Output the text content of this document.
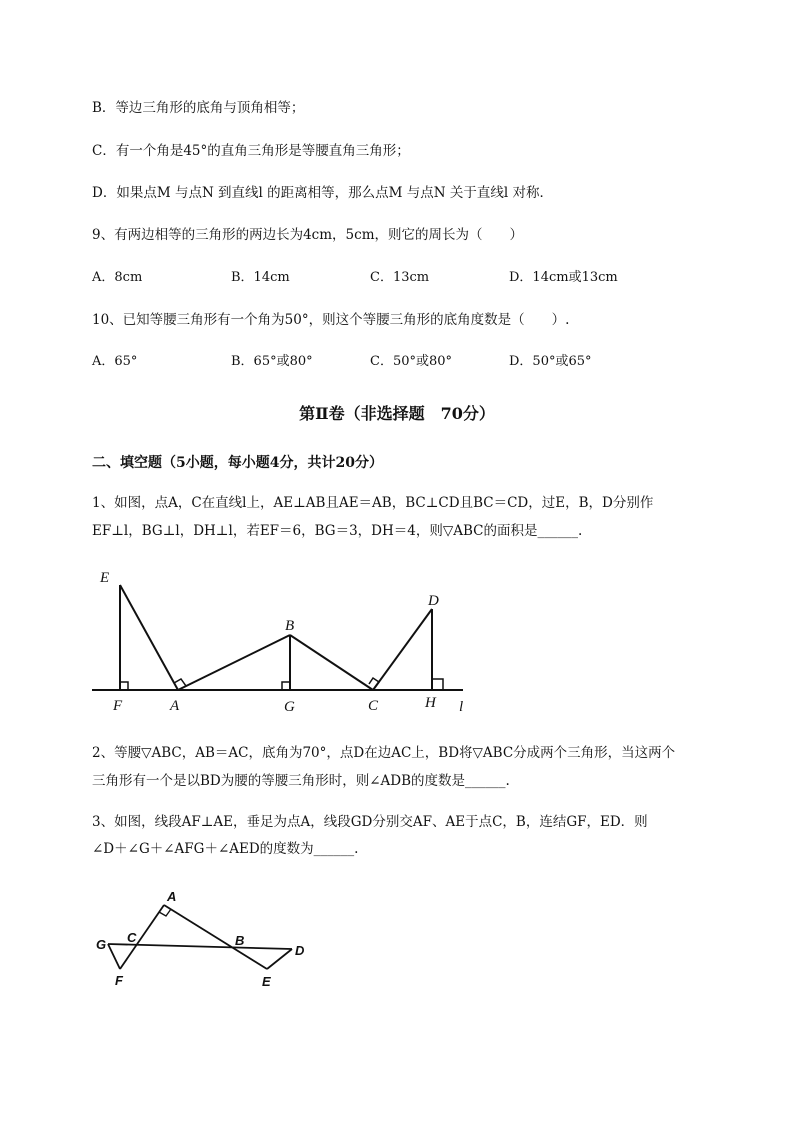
B．等边三角形的底角与顶角相等；
C．有一个角是45°的直角三角形是等腰直角三角形；
D．如果点M 与点N 到直线l 的距离相等，那么点M 与点N 关于直线l 对称．
9、有两边相等的三角形的两边长为4cm，5cm，则它的周长为（　　）
A．8cm	B．14cm	C．13cm	D．14cm或13cm
10、已知等腰三角形有一个角为50°，则这个等腰三角形的底角度数是（　　）.
A．65°	B．65°或80°	C．50°或80°	D．50°或65°
第Ⅱ卷（非选择题　70分）
二、填空题（5小题，每小题4分，共计20分）
1、如图，点A，C在直线l上，AE⊥AB且AE＝AB，BC⊥CD且BC＝CD，过E，B，D分别作
EF⊥l，BG⊥l，DH⊥l，若EF＝6，BG＝3，DH＝4，则▽ABC的面积是______.
E
F	A
B
G	C
D
H l
2、等腰▽ABC，AB＝AC，底角为70°，点D在边AC上，BD将▽ABC分成两个三角形，当这两个
三角形有一个是以BD为腰的等腰三角形时，则∠ADB的度数是______.
3、如图，线段AF⊥AE，垂足为点A，线段GD分别交AF、AE于点C，B，连结GF，ED．则
∠D＋∠G＋∠AFG＋∠AED的度数为______.
A
G C	B
D
F	E
